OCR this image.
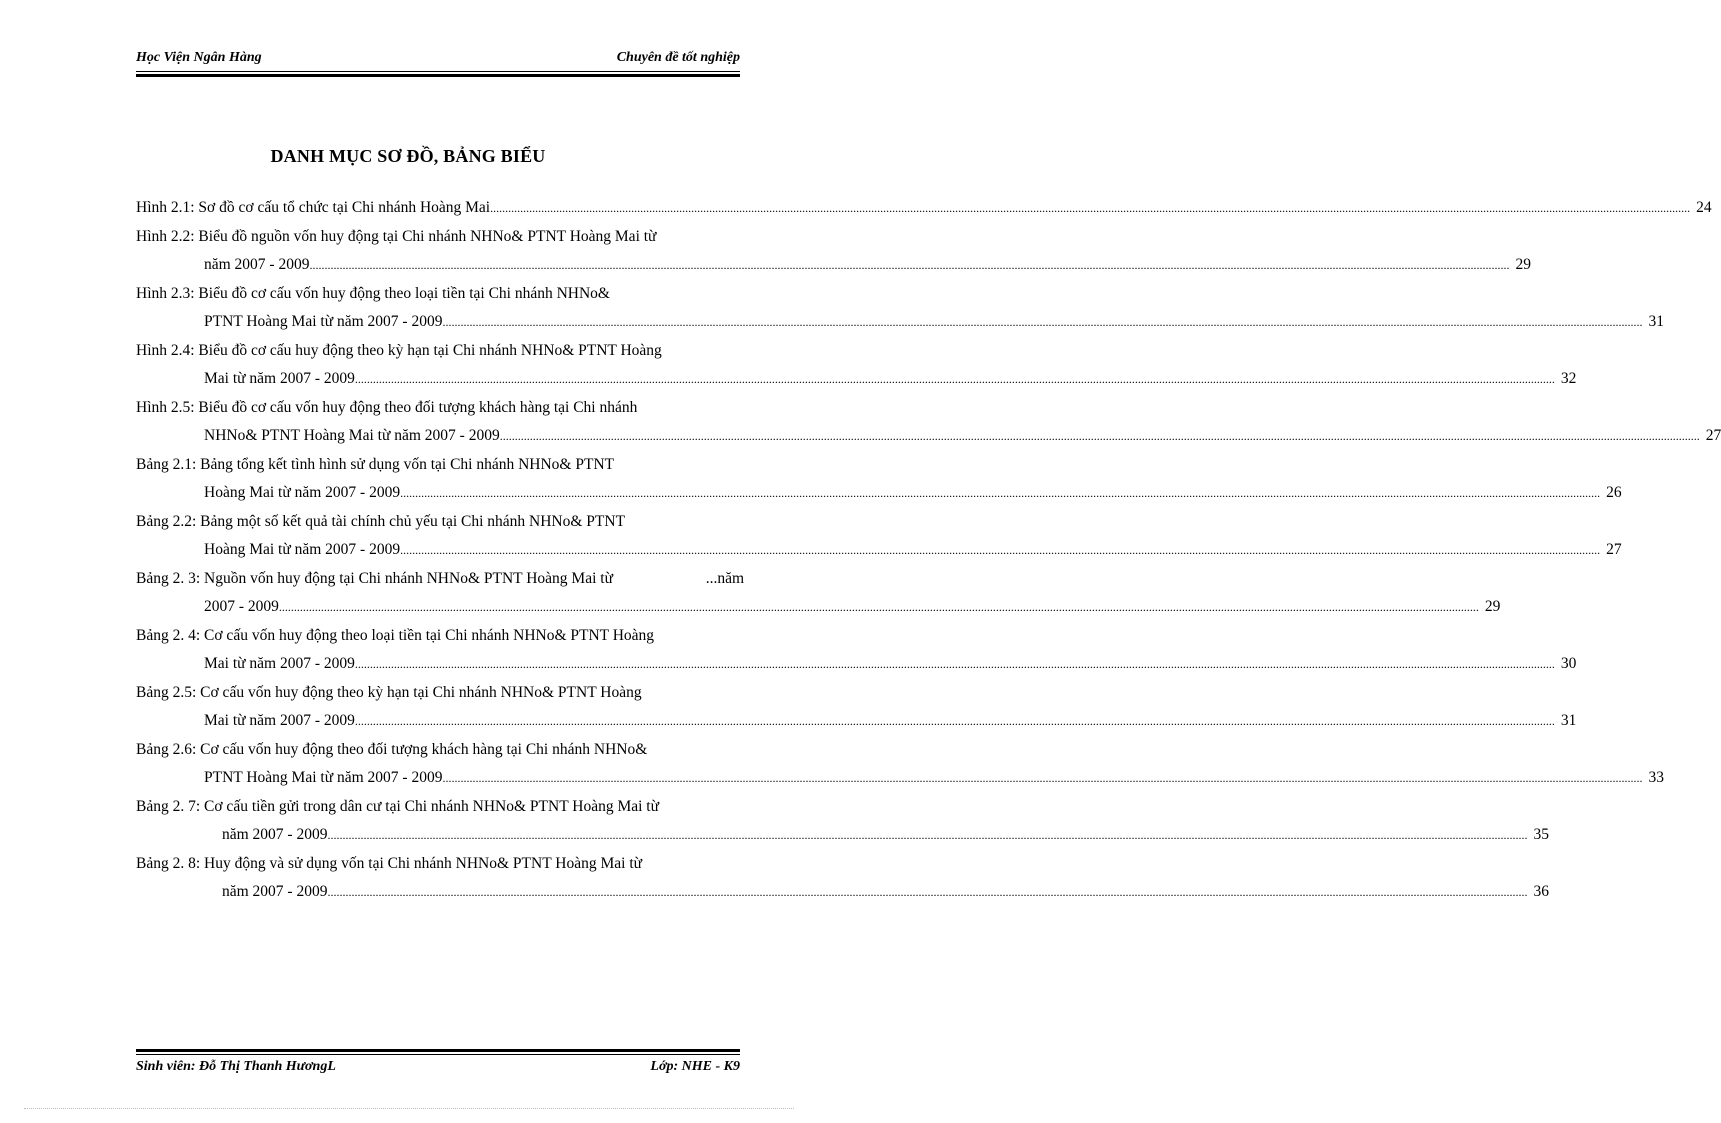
Học Viện Ngân Hàng	Chuyên đề tốt nghiệp
DANH MỤC SƠ ĐỒ, BẢNG BIỂU
Hình 2.1: Sơ đồ cơ cấu tổ chức tại Chi nhánh Hoàng Mai ................................................................................................................................................................................................................................................................................................................................................................................................................ 24
Hình 2.2: Biểu đồ nguồn vốn huy động tại Chi nhánh NHNo& PTNT Hoàng Mai từ
năm 2007 - 2009 ................................................................................................................................................................................................................................................................................................................................................................................................................ 29
Hình 2.3: Biểu đồ cơ cấu vốn huy động theo loại tiền tại Chi nhánh NHNo&
PTNT Hoàng Mai từ năm 2007 - 2009 ................................................................................................................................................................................................................................................................................................................................................................................................................ 31
Hình 2.4: Biểu đồ cơ cấu huy động theo kỳ hạn tại Chi nhánh NHNo& PTNT Hoàng
Mai từ năm 2007 - 2009 ................................................................................................................................................................................................................................................................................................................................................................................................................ 32
Hình 2.5: Biểu đồ cơ cấu vốn huy động theo đối tượng khách hàng tại Chi nhánh
NHNo& PTNT Hoàng Mai từ năm 2007 - 2009 ................................................................................................................................................................................................................................................................................................................................................................................................................ 27
Bảng 2.1: Bảng tổng kết tình hình sử dụng vốn tại Chi nhánh NHNo& PTNT
Hoàng Mai từ năm 2007 - 2009 ................................................................................................................................................................................................................................................................................................................................................................................................................ 26
Bảng 2.2: Bảng một số kết quả tài chính chủ yếu tại Chi nhánh NHNo& PTNT
Hoàng Mai từ năm 2007 - 2009 ................................................................................................................................................................................................................................................................................................................................................................................................................ 27
Bảng 2. 3: Nguồn vốn huy động tại Chi nhánh NHNo& PTNT Hoàng Mai từ	...năm
2007 - 2009 ................................................................................................................................................................................................................................................................................................................................................................................................................ 29
Bảng 2. 4: Cơ cấu vốn huy động theo loại tiền tại Chi nhánh NHNo& PTNT Hoàng
Mai từ năm 2007 - 2009 ................................................................................................................................................................................................................................................................................................................................................................................................................ 30
Bảng 2.5: Cơ cấu vốn huy động theo kỳ hạn tại Chi nhánh NHNo& PTNT Hoàng
Mai từ năm 2007 - 2009 ................................................................................................................................................................................................................................................................................................................................................................................................................ 31
Bảng 2.6: Cơ cấu vốn huy động theo đối tượng khách hàng tại Chi nhánh NHNo&
PTNT Hoàng Mai từ năm 2007 - 2009 ................................................................................................................................................................................................................................................................................................................................................................................................................ 33
Bảng 2. 7: Cơ cấu tiền gửi trong dân cư tại Chi nhánh NHNo& PTNT Hoàng Mai từ
năm 2007 - 2009 ................................................................................................................................................................................................................................................................................................................................................................................................................ 35
Bảng 2. 8: Huy động và sử dụng vốn tại Chi nhánh NHNo& PTNT Hoàng Mai từ
năm 2007 - 2009 ................................................................................................................................................................................................................................................................................................................................................................................................................ 36
Sinh viên: Đỗ Thị Thanh HươngL	Lớp: NHE - K9
